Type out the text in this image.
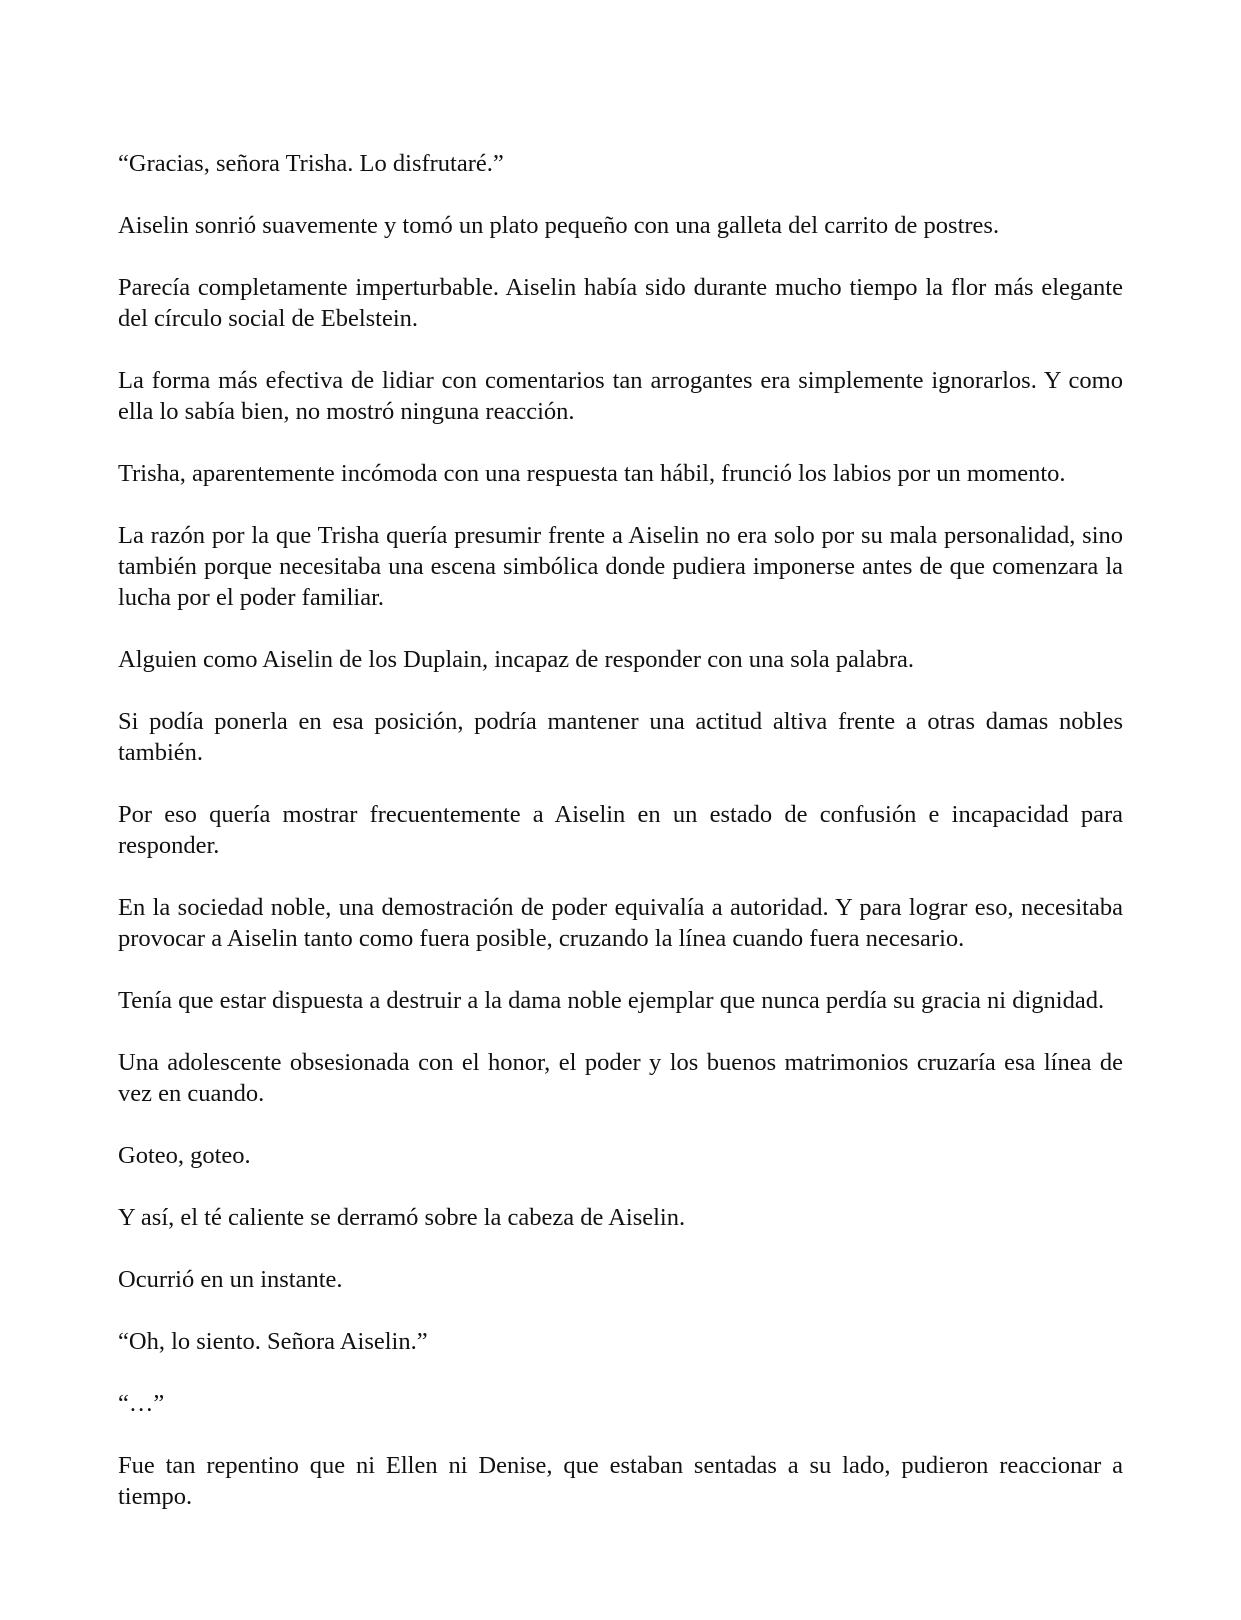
“Gracias, señora Trisha. Lo disfrutaré.”

Aiselin sonrió suavemente y tomó un plato pequeño con una galleta del carrito de postres.

Parecía completamente imperturbable. Aiselin había sido durante mucho tiempo la flor más elegante del círculo social de Ebelstein.

La forma más efectiva de lidiar con comentarios tan arrogantes era simplemente ignorarlos. Y como ella lo sabía bien, no mostró ninguna reacción.

Trisha, aparentemente incómoda con una respuesta tan hábil, frunció los labios por un momento.

La razón por la que Trisha quería presumir frente a Aiselin no era solo por su mala personalidad, sino también porque necesitaba una escena simbólica donde pudiera imponerse antes de que comenzara la lucha por el poder familiar.

Alguien como Aiselin de los Duplain, incapaz de responder con una sola palabra.

Si podía ponerla en esa posición, podría mantener una actitud altiva frente a otras damas nobles también.

Por eso quería mostrar frecuentemente a Aiselin en un estado de confusión e incapacidad para responder.

En la sociedad noble, una demostración de poder equivalía a autoridad. Y para lograr eso, necesitaba provocar a Aiselin tanto como fuera posible, cruzando la línea cuando fuera necesario.

Tenía que estar dispuesta a destruir a la dama noble ejemplar que nunca perdía su gracia ni dignidad.

Una adolescente obsesionada con el honor, el poder y los buenos matrimonios cruzaría esa línea de vez en cuando.

Goteo, goteo.

Y así, el té caliente se derramó sobre la cabeza de Aiselin.

Ocurrió en un instante.

“Oh, lo siento. Señora Aiselin.”

“…”

Fue tan repentino que ni Ellen ni Denise, que estaban sentadas a su lado, pudieron reaccionar a tiempo.
